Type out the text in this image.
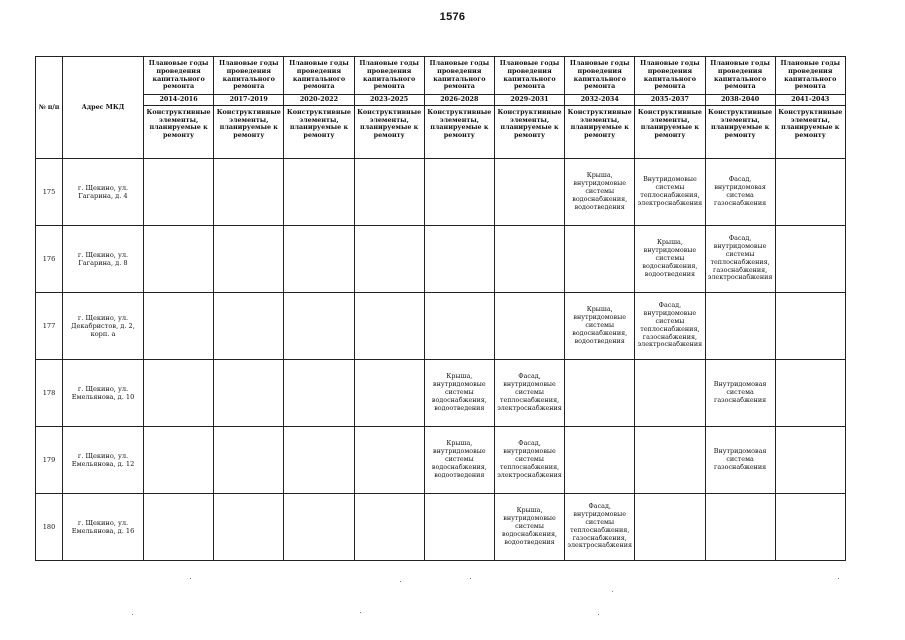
1576
№ п/п	Адрес МКД	Плановые годы проведения капитального ремонта	Плановые годы проведения капитального ремонта	Плановые годы проведения капитального ремонта	Плановые годы проведения капитального ремонта	Плановые годы проведения капитального ремонта	Плановые годы проведения капитального ремонта	Плановые годы проведения капитального ремонта	Плановые годы проведения капитального ремонта	Плановые годы проведения капитального ремонта	Плановые годы проведения капитального ремонта
		2014-2016	2017-2019	2020-2022	2023-2025	2026-2028	2029-2031	2032-2034	2035-2037	2038-2040	2041-2043
		Конструктивные элементы, планируемые к ремонту	Конструктивные элементы, планируемые к ремонту	Конструктивные элементы, планируемые к ремонту	Конструктивные элементы, планируемые к ремонту	Конструктивные элементы, планируемые к ремонту	Конструктивные элементы, планируемые к ремонту	Конструктивные элементы, планируемые к ремонту	Конструктивные элементы, планируемые к ремонту	Конструктивные элементы, планируемые к ремонту	Конструктивные элементы, планируемые к ремонту
175	г. Щекино, ул. Гагарина, д. 4							Крыша, внутридомовые системы водоснабжения, водоотведения	Внутридомовые системы теплоснабжения, электроснабжения	Фасад, внутридомовая система газоснабжения	
176	г. Щекино, ул. Гагарина, д. 8								Крыша, внутридомовые системы водоснабжения, водоотведения	Фасад, внутридомовые системы теплоснабжения, газоснабжения, электроснабжения	
177	г. Щекино, ул. Декабристов, д. 2, корп. а							Крыша, внутридомовые системы водоснабжения, водоотведения	Фасад, внутридомовые системы теплоснабжения, газоснабжения, электроснабжения		
178	г. Щекино, ул. Емельянова, д. 10					Крыша, внутридомовые системы водоснабжения, водоотведения	Фасад, внутридомовые системы теплоснабжения, электроснабжения			Внутридомовая система газоснабжения	
179	г. Щекино, ул. Емельянова, д. 12					Крыша, внутридомовые системы водоснабжения, водоотведения	Фасад, внутридомовые системы теплоснабжения, электроснабжения			Внутридомовая система газоснабжения	
180	г. Щекино, ул. Емельянова, д. 16						Крыша, внутридомовые системы водоснабжения, водоотведения	Фасад, внутридомовые системы теплоснабжения, газоснабжения, электроснабжения			
